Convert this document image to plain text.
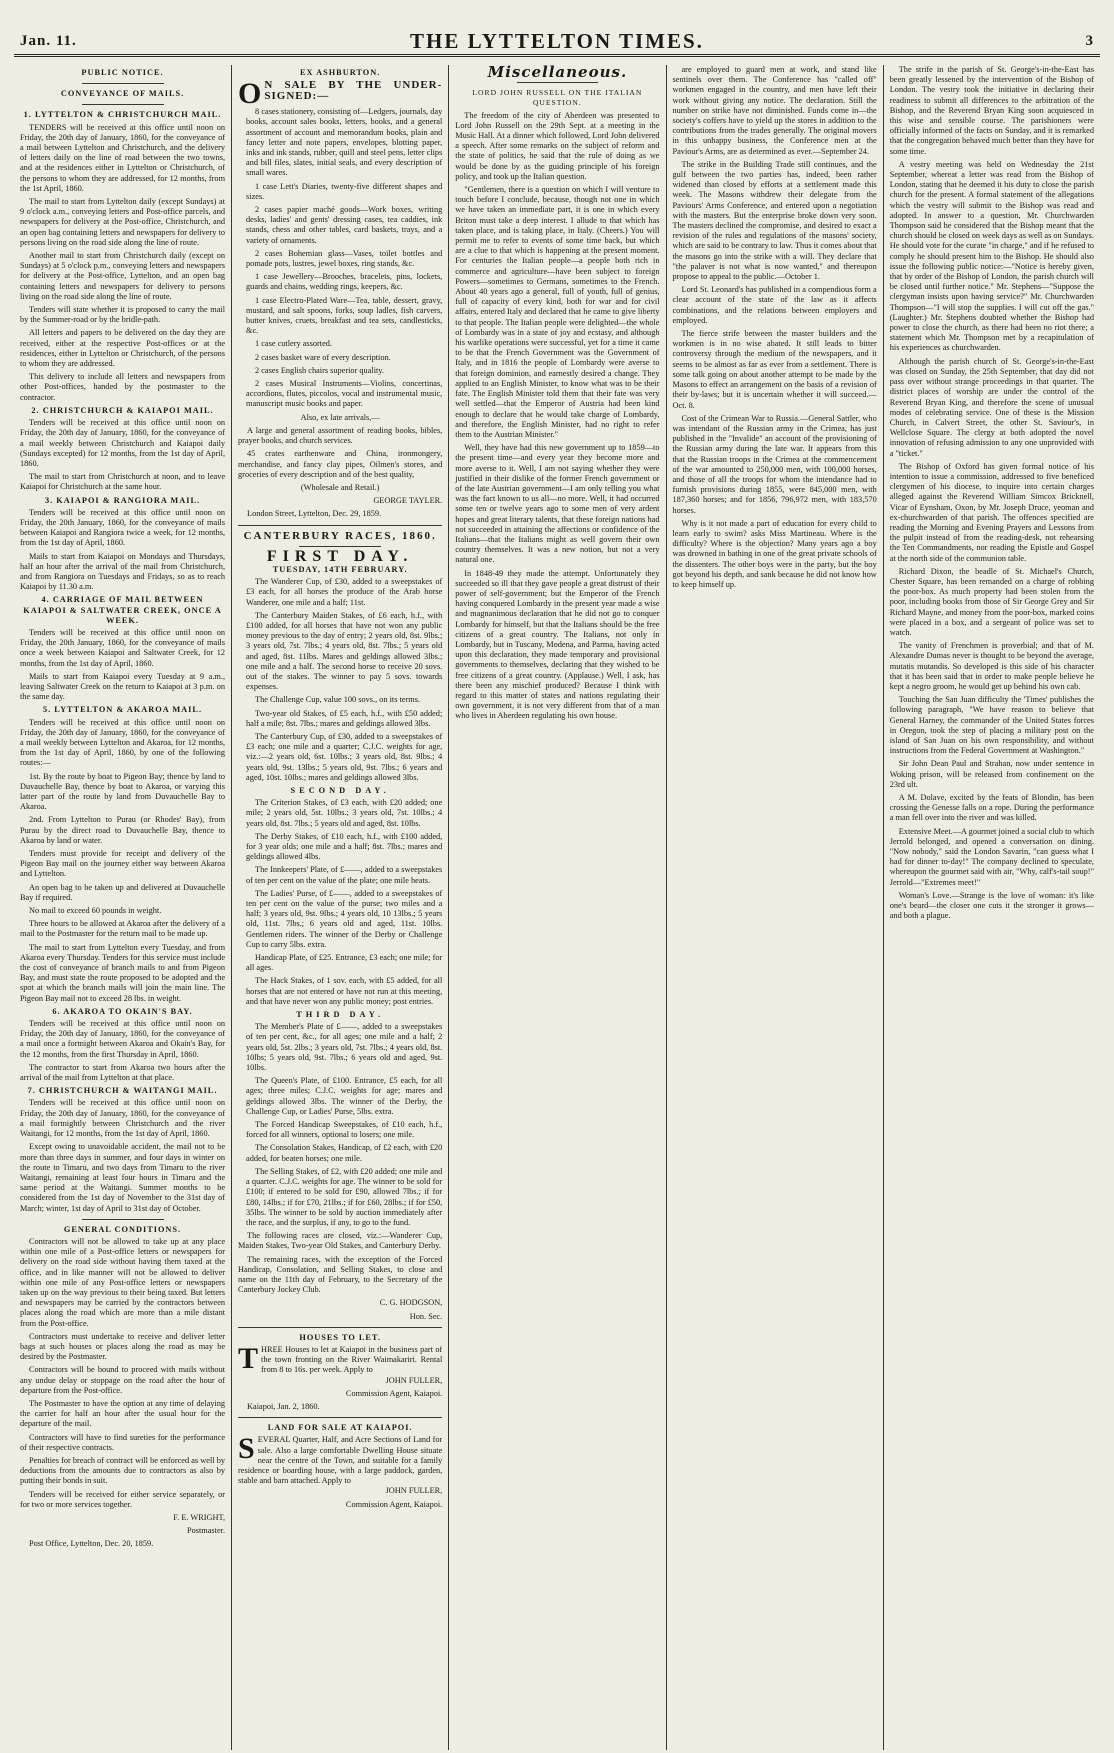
Jan. 11.	THE LYTTELTON TIMES.	3
PUBLIC NOTICE.
CONVEYANCE OF MAILS.
1. LYTTELTON & CHRISTCHURCH MAIL.

TENDERS will be received at this office until noon on Friday, the 20th day of January, 1860, for the conveyance of a mail between Lyttelton and Christchurch, and the delivery of letters daily on the line of road between the two towns, and at the residences either in Lyttelton or Christchurch, of the persons to whom they are addressed, for 12 months, from the 1st April, 1860.

The mail to start from Lyttelton daily (except Sundays) at 9 o'clock a.m., conveying letters and Post-office parcels, and newspapers for delivery at the Post-office, Christchurch, and an open bag containing letters and newspapers for delivery to persons living on the road side along the line of route.

Another mail to start from Christchurch daily (except on Sundays) at 5 o'clock p.m., conveying letters and newspapers for delivery at the Post-office, Lyttelton, and an open bag containing letters and newspapers for delivery to persons living on the road side along the line of route.

Tenders will state whether it is proposed to carry the mail by the Summer-road or by the bridle-path.

All letters and papers to be delivered on the day they are received, either at the respective Post-offices or at the residences, either in Lyttelton or Christchurch, of the persons to whom they are addressed.

This delivery to include all letters and newspapers from other Post-offices, handed by the postmaster to the contractor.

2. CHRISTCHURCH & KAIAPOI MAIL.

Tenders will be received at this office until noon on Friday, the 20th day of January, 1860, for the conveyance of a mail weekly between Christchurch and Kaiapoi daily (Sundays excepted) for 12 months, from the 1st day of April, 1860.

The mail to start from Christchurch at noon, and to leave Kaiapoi for Christchurch at the same hour.

3. KAIAPOI & RANGIORA MAIL.

Tenders will be received at this office until noon on Friday, the 20th January, 1860, for the conveyance of mails between Kaiapoi and Rangiora twice a week, for 12 months, from the 1st day of April, 1860.

Mails to start from Kaiapoi on Mondays and Thursdays, half an hour after the arrival of the mail from Christchurch, and from Rangiora on Tuesdays and Fridays, so as to reach Kaiapoi by 11.30 a.m.

4. CARRIAGE OF MAIL BETWEEN KAIAPOI & SALTWATER CREEK, ONCE A WEEK.

Tenders will be received at this office until noon on Friday, the 20th January, 1860, for the conveyance of mails once a week between Kaiapoi and Saltwater Creek, for 12 months, from the 1st day of April, 1860.

Mails to start from Kaiapoi every Tuesday at 9 a.m., leaving Saltwater Creek on the return to Kaiapoi at 3 p.m. on the same day.

5. LYTTELTON & AKAROA MAIL.

Tenders will be received at this office until noon on Friday, the 20th day of January, 1860, for the conveyance of a mail weekly between Lyttelton and Akaroa, for 12 months, from the 1st day of April, 1860, by one of the following routes:—

1st. By the route by boat to Pigeon Bay; thence by land to Duvauchelle Bay, thence by boat to Akaroa, or varying this latter part of the route by land from Duvauchelle Bay to Akaroa.

2nd. From Lyttelton to Purau (or Rhodes' Bay), from Purau by the direct road to Duvauchelle Bay, thence to Akaroa by land or water.

Tenders must provide for receipt and delivery of the Pigeon Bay mail on the journey either way between Akaroa and Lyttelton.

An open bag to be taken up and delivered at Duvauchelle Bay if required.

No mail to exceed 60 pounds in weight.

Three hours to be allowed at Akaroa after the delivery of a mail to the Postmaster for the return mail to be made up.

The mail to start from Lyttelton every Tuesday, and from Akaroa every Thursday. Tenders for this service must include the cost of conveyance of branch mails to and from Pigeon Bay, and must state the route proposed to be adopted and the spot at which the branch mails will join the main line. The Pigeon Bay mail not to exceed 28 lbs. in weight.

6. AKAROA TO OKAIN'S BAY.

Tenders will be received at this office until noon on Friday, the 20th day of January, 1860, for the conveyance of a mail once a fortnight between Akaroa and Okain's Bay, for the 12 months, from the first Thursday in April, 1860.

The contractor to start from Akaroa two hours after the arrival of the mail from Lyttelton at that place.

7. CHRISTCHURCH & WAITANGI MAIL.

Tenders will be received at this office until noon on Friday, the 20th day of January, 1860, for the conveyance of a mail fortnightly between Christchurch and the river Waitangi, for 12 months, from the 1st day of April, 1860.

Except owing to unavoidable accident, the mail not to be more than three days in summer, and four days in winter on the route to Timaru, and two days from Timaru to the river Waitangi, remaining at least four hours in Timaru and the same period at the Waitangi. Summer months to be considered from the 1st day of November to the 31st day of March; winter, 1st day of April to 31st day of October.

GENERAL CONDITIONS.

Contractors will not be allowed to take up at any place within one mile of a Post-office letters or newspapers for delivery on the road side without having them taxed at the office, and in like manner will not be allowed to deliver within one mile of any Post-office letters or newspapers taken up on the way previous to their being taxed. But letters and newspapers may be carried by the contractors between places along the road which are more than a mile distant from the Post-office.

Contractors must undertake to receive and deliver letter bags at such houses or places along the road as may be desired by the Postmaster.

Contractors will be bound to proceed with mails without any undue delay or stoppage on the road after the hour of departure from the Post-office.

The Postmaster to have the option at any time of delaying the carrier for half an hour after the usual hour for the departure of the mail.

Contractors will have to find sureties for the performance of their respective contracts.

Penalties for breach of contract will be enforced as well by deductions from the amounts due to contractors as also by putting their bonds in suit.

Tenders will be received for either service separately, or for two or more services together.

F. E. WRIGHT,

Postmaster.

Post Office, Lyttelton, Dec. 20, 1859.

EX ASHBURTON.
O N SALE BY THE UNDER-SIGNED:—

8 cases stationery, consisting of—Ledgers, journals, day books, account sales books, letters, books, and a general assortment of account and memorandum books, plain and fancy letter and note papers, envelopes, blotting paper, inks and ink stands, rubber, quill and steel pens, letter clips and bill files, slates, initial seals, and every description of small wares.

1 case Lett's Diaries, twenty-five different shapes and sizes.

2 cases papier maché goods—Work boxes, writing desks, ladies' and gents' dressing cases, tea caddies, ink stands, chess and other tables, card baskets, trays, and a variety of ornaments.

2 cases Bohemian glass—Vases, toilet bottles and pomade pots, lustres, jewel boxes, ring stands, &c.

1 case Jewellery—Brooches, bracelets, pins, lockets, guards and chains, wedding rings, keepers, &c.

1 case Electro-Plated Ware—Tea, table, dessert, gravy, mustard, and salt spoons, forks, soup ladles, fish carvers, butter knives, cruets, breakfast and tea sets, candlesticks, &c.

1 case cutlery assorted.

2 cases basket ware of every description.

2 cases English chairs superior quality.

2 cases Musical Instruments—Violins, concertinas, accordions, flutes, piccolos, vocal and instrumental music, manuscript music books and paper.

Also, ex late arrivals,—

A large and general assortment of reading books, bibles, prayer books, and church services.

45 crates earthenware and China, ironmongery, merchandise, and fancy clay pipes, Oilmen's stores, and groceries of every description and of the best quality,

(Wholesale and Retail.)

GEORGE TAYLER.

London Street, Lyttelton, Dec. 29, 1859.

CANTERBURY RACES, 1860.
FIRST DAY.
TUESDAY, 14TH FEBRUARY.

The Wanderer Cup, of £30, added to a sweepstakes of £3 each, for all horses the produce of the Arab horse Wanderer, one mile and a half; 11st.

The Canterbury Maiden Stakes, of £6 each, h.f., with £100 added, for all horses that have not won any public money previous to the day of entry; 2 years old, 8st. 9lbs.; 3 years old, 7st. 7lbs.; 4 years old, 8st. 7lbs.; 5 years old and aged, 8st. 11lbs. Mares and geldings allowed 3lbs.; one mile and a half. The second horse to receive 20 sovs. out of the stakes. The winner to pay 5 sovs. towards expenses.

The Challenge Cup, value 100 sovs., on its terms.

Two-year old Stakes, of £5 each, h.f., with £50 added; half a mile; 8st. 7lbs.; mares and geldings allowed 3lbs.

The Canterbury Cup, of £30, added to a sweepstakes of £3 each; one mile and a quarter; C.J.C. weights for age, viz.:—2 years old, 6st. 10lbs.; 3 years old, 8st. 9lbs.; 4 years old, 9st. 13lbs.; 5 years old, 9st. 7lbs.; 6 years and aged, 10st. 10lbs.; mares and geldings allowed 3lbs.

SECOND DAY.

The Criterion Stakes, of £3 each, with £20 added; one mile; 2 years old, 5st. 10lbs.; 3 years old, 7st. 10lbs.; 4 years old, 8st. 7lbs.; 5 years old and aged, 8st. 10lbs.

The Derby Stakes, of £10 each, h.f., with £100 added, for 3 year olds; one mile and a half; 8st. 7lbs.; mares and geldings allowed 4lbs.

The Innkeepers' Plate, of £——, added to a sweepstakes of ten per cent on the value of the plate; one mile heats.

The Ladies' Purse, of £——, added to a sweepstakes of ten per cent on the value of the purse; two miles and a half; 3 years old, 9st. 9lbs.; 4 years old, 10 13lbs.; 5 years old, 11st. 7lbs.; 6 years old and aged, 11st. 10lbs. Gentlemen riders. The winner of the Derby or Challenge Cup to carry 5lbs. extra.

Handicap Plate, of £25. Entrance, £3 each; one mile; for all ages.

The Hack Stakes, of 1 sov. each, with £5 added, for all horses that are not entered or have not run at this meeting, and that have never won any public money; post entries.

THIRD DAY.

The Member's Plate of £——, added to a sweepstakes of ten per cent, &c., for all ages; one mile and a half; 2 years old, 5st. 2lbs.; 3 years old, 7st. 7lbs.; 4 years old, 8st. 10lbs; 5 years old, 9st. 7lbs.; 6 years old and aged, 9st. 10lbs.

The Queen's Plate, of £100. Entrance, £5 each, for all ages; three miles; C.J.C. weights for age; mares and geldings allowed 3lbs. The winner of the Derby, the Challenge Cup, or Ladies' Purse, 5lbs. extra.

The Forced Handicap Sweepstakes, of £10 each, h.f., forced for all winners, optional to losers; one mile.

The Consolation Stakes, Handicap, of £2 each, with £20 added, for beaten horses; one mile.

The Selling Stakes, of £2, with £20 added; one mile and a quarter. C.J.C. weights for age. The winner to be sold for £100; if entered to be sold for £90, allowed 7lbs.; if for £80, 14lbs.; if for £70, 21lbs.; if for £60, 28lbs.; if for £50, 35lbs. The winner to be sold by auction immediately after the race, and the surplus, if any, to go to the fund.

The following races are closed, viz.:—Wanderer Cup, Maiden Stakes, Two-year Old Stakes, and Canterbury Derby.

The remaining races, with the exception of the Forced Handicap, Consolation, and Selling Stakes, to close and name on the 11th day of February, to the Secretary of the Canterbury Jockey Club.

C. G. HODGSON,

Hon. Sec.

HOUSES TO LET.
T HREE Houses to let at Kaiapoi in the business part of the town fronting on the River Waimakariri. Rental from 8 to 16s. per week. Apply to

JOHN FULLER,

Commission Agent, Kaiapoi.

Kaiapoi, Jan. 2, 1860.

LAND FOR SALE AT KAIAPOI.
S EVERAL Quarter, Half, and Acre Sections of Land for sale. Also a large comfortable Dwelling House situate near the centre of the Town, and suitable for a family residence or boarding house, with a large paddock, garden, stable and barn attached. Apply to

JOHN FULLER,

Commission Agent, Kaiapoi.

Miscellaneous.
LORD JOHN RUSSELL ON THE ITALIAN QUESTION.

The freedom of the city of Aberdeen was presented to Lord John Russell on the 29th Sept. at a meeting in the Music Hall. At a dinner which followed, Lord John delivered a speech. After some remarks on the subject of reform and the state of politics, he said that the rule of doing as we would be done by as the guiding principle of his foreign policy, and took up the Italian question.

"Gentlemen, there is a question on which I will venture to touch before I conclude, because, though not one in which we have taken an immediate part, it is one in which every Briton must take a deep interest. I allude to that which has taken place, and is taking place, in Italy. (Cheers.) You will permit me to refer to events of some time back, but which are a clue to that which is happening at the present moment. For centuries the Italian people—a people both rich in commerce and agriculture—have been subject to foreign Powers—sometimes to Germans, sometimes to the French. About 40 years ago a general, full of youth, full of genius, full of capacity of every kind, both for war and for civil affairs, entered Italy and declared that he came to give liberty to that people. The Italian people were delighted—the whole of Lombardy was in a state of joy and ecstasy, and although his warlike operations were successful, yet for a time it came to be that the French Government was the Government of Italy, and in 1816 the people of Lombardy were averse to that foreign dominion, and earnestly desired a change. They applied to an English Minister, to know what was to be their fate. The English Minister told them that their fate was very well settled—that the Emperor of Austria had been kind enough to declare that he would take charge of Lombardy, and therefore, the English Minister, had no right to refer them to the Austrian Minister."

Well, they have had this new government up to 1859—to the present time—and every year they become more and more averse to it. Well, I am not saying whether they were justified in their dislike of the former French government or of the late Austrian government—I am only telling you what was the fact known to us all—no more. Well, it had occurred some ten or twelve years ago to some men of very ardent hopes and great literary talents, that these foreign nations had not succeeded in attaining the affections or confidence of the Italians—that the Italians might as well govern their own country themselves. It was a new notion, but not a very natural one.

In 1848-49 they made the attempt. Unfortunately they succeeded so ill that they gave people a great distrust of their power of self-government; but the Emperor of the French having conquered Lombardy in the present year made a wise and magnanimous declaration that he did not go to conquer Lombardy for himself, but that the Italians should be the free citizens of a great country. The Italians, not only in Lombardy, but in Tuscany, Modena, and Parma, having acted upon this declaration, they made temporary and provisional governments to themselves, declaring that they wished to be free citizens of a great country. (Applause.) Well, I ask, has there been any mischief produced? Because I think with regard to this matter of states and nations regulating their own government, it is not very different from that of a man who lives in Aberdeen regulating his own house.

are employed to guard men at work, and stand like sentinels over them. The Conference has "called off" workmen engaged in the country, and men have left their work without giving any notice. The declaration. Still the number on strike have not diminished. Funds come in—the society's coffers have to yield up the stores in addition to the contributions from the trades generally. The original movers in this unhappy business, the Conference men at the Paviour's Arms, are as determined as ever.—September 24.

The strike in the Building Trade still continues, and the gulf between the two parties has, indeed, been rather widened than closed by efforts at a settlement made this week. The Masons withdrew their delegate from the Paviours' Arms Conference, and entered upon a negotiation with the masters. But the enterprise broke down very soon. The masters declined the compromise, and desired to exact a revision of the rules and regulations of the masons' society, which are said to be contrary to law. Thus it comes about that the masons go into the strike with a will. They declare that "the palaver is not what is now wanted," and thereupon propose to appeal to the public.—October 1.

Lord St. Leonard's has published in a compendious form a clear account of the state of the law as it affects combinations, and the relations between employers and employed.

The fierce strife between the master builders and the workmen is in no wise abated. It still leads to bitter controversy through the medium of the newspapers, and it seems to be almost as far as ever from a settlement. There is some talk going on about another attempt to be made by the Masons to effect an arrangement on the basis of a revision of their by-laws; but it is uncertain whether it will succeed.—Oct. 8.

Cost of the Crimean War to Russia.—General Sattler, who was intendant of the Russian army in the Crimea, has just published in the "Invalide" an account of the provisioning of the Russian army during the late war. It appears from this that the Russian troops in the Crimea at the commencement of the war amounted to 250,000 men, with 100,000 horses, and those of all the troops for whom the intendance had to furnish provisions during 1855, were 845,000 men, with 187,360 horses; and for 1856, 796,972 men, with 183,570 horses.

Why is it not made a part of education for every child to learn early to swim? asks Miss Martineau. Where is the difficulty? Where is the objection? Many years ago a boy was drowned in bathing in one of the great private schools of the dissenters. The other boys were in the party, but the boy got beyond his depth, and sank because he did not know how to keep himself up.

The strife in the parish of St. George's-in-the-East has been greatly lessened by the intervention of the Bishop of London. The vestry took the initiative in declaring their readiness to submit all differences to the arbitration of the Bishop, and the Reverend Bryan King soon acquiesced in this wise and sensible course. The parishioners were officially informed of the facts on Sunday, and it is remarked that the congregation behaved much better than they have for some time.

A vestry meeting was held on Wednesday the 21st September, whereat a letter was read from the Bishop of London, stating that he deemed it his duty to close the parish church for the present. A formal statement of the allegations which the vestry will submit to the Bishop was read and adopted. In answer to a question, Mr. Churchwarden Thompson said he considered that the Bishop meant that the church should be closed on week days as well as on Sundays. He should vote for the curate "in charge," and if he refused to comply he should present him to the Bishop. He should also issue the following public notice:—"Notice is hereby given, that by order of the Bishop of London, the parish church will be closed until further notice." Mr. Stephens—"Suppose the clergyman insists upon having service?" Mr. Churchwarden Thompson—"I will stop the supplies. I will cut off the gas." (Laughter.) Mr. Stephens doubted whether the Bishop had power to close the church, as there had been no riot there; a statement which Mr. Thompson met by a recapitulation of his experiences as churchwarden.

Although the parish church of St. George's-in-the-East was closed on Sunday, the 25th September, that day did not pass over without strange proceedings in that quarter. The district places of worship are under the control of the Reverend Bryan King, and therefore the scene of unusual modes of celebrating service. One of these is the Mission Church, in Calvert Street, the other St. Saviour's, in Wellclose Square. The clergy at both adopted the novel innovation of refusing admission to any one unprovided with a "ticket."

The Bishop of Oxford has given formal notice of his intention to issue a commission, addressed to five beneficed clergymen of his diocese, to inquire into certain charges alleged against the Reverend William Simcox Bricknell, Vicar of Eynsham, Oxon, by Mr. Joseph Druce, yeoman and ex-churchwarden of that parish. The offences specified are reading the Morning and Evening Prayers and Lessons from the pulpit instead of from the reading-desk, not rehearsing the Ten Commandments, nor reading the Epistle and Gospel at the north side of the communion table.

Richard Dixon, the beadle of St. Michael's Church, Chester Square, has been remanded on a charge of robbing the poor-box. As much property had been stolen from the poor, including books from those of Sir George Grey and Sir Richard Mayne, and money from the poor-box, marked coins were placed in a box, and a sergeant of police was set to watch.

The vanity of Frenchmen is proverbial; and that of M. Alexandre Dumas never is thought to be beyond the average, mutatis mutandis. So developed is this side of his character that it has been said that in order to make people believe he kept a negro groom, he would get up behind his own cab.

Touching the San Juan difficulty the 'Times' publishes the following paragraph, "We have reason to believe that General Harney, the commander of the United States forces in Oregon, took the step of placing a military post on the island of San Juan on his own responsibility, and without instructions from the Federal Government at Washington."

Sir John Dean Paul and Strahan, now under sentence in Woking prison, will be released from confinement on the 23rd ult.

A M. Dolave, excited by the feats of Blondin, has been crossing the Genesse falls on a rope. During the performance a man fell over into the river and was killed.

Extensive Meet.—A gourmet joined a social club to which Jerrold belonged, and opened a conversation on dining. "Now nobody," said the London Savarin, "can guess what I had for dinner to-day!" The company declined to speculate, whereupon the gourmet said with air, "Why, calf's-tail soup!" Jerrold—"Extremes meet!"

Woman's Love.—Strange is the love of woman: it's like one's beard—the closer one cuts it the stronger it grows—and both a plague.
